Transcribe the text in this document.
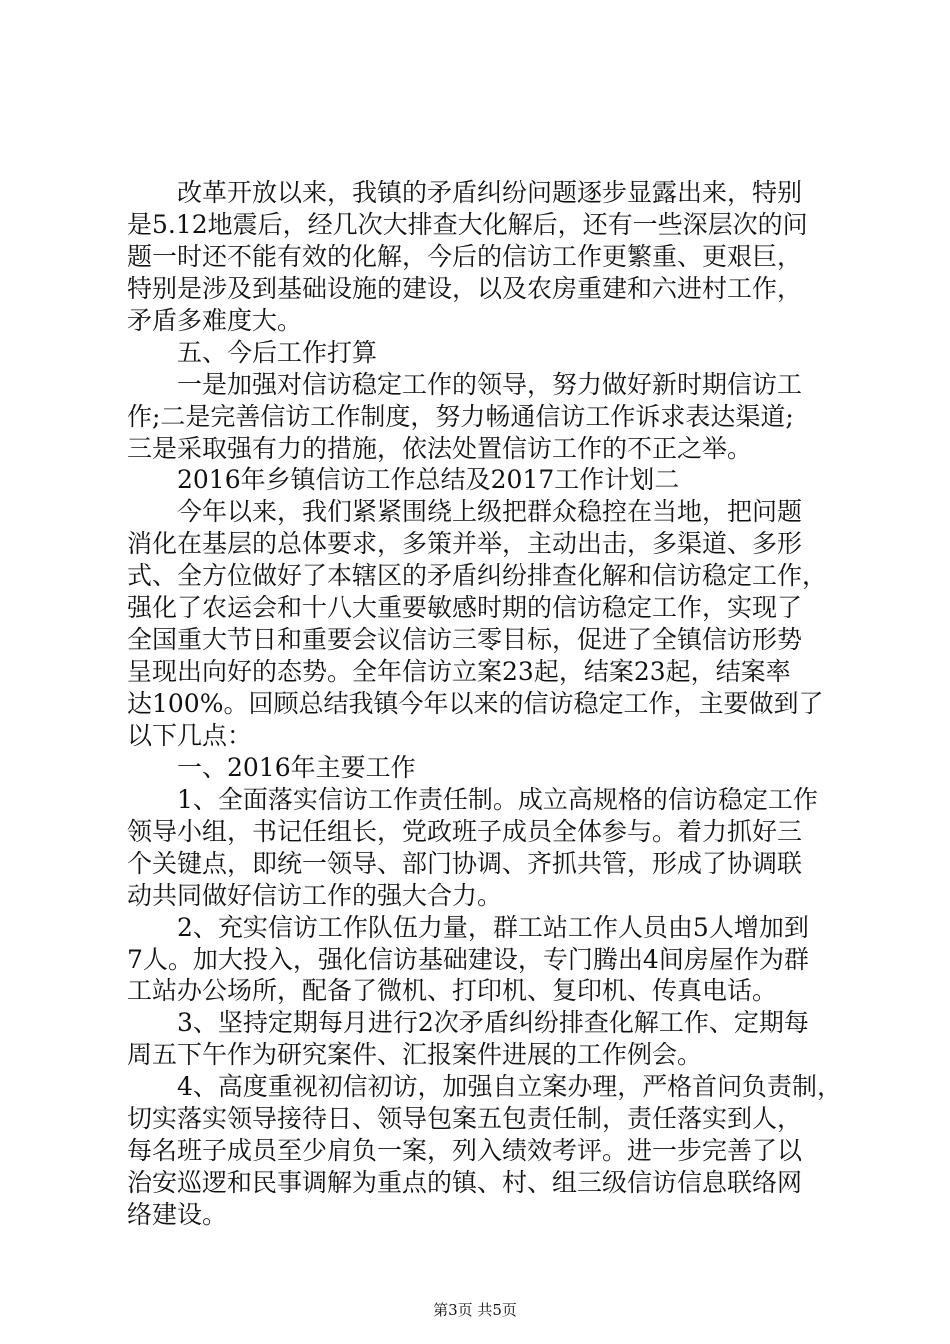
改革开放以来，我镇的矛盾纠纷问题逐步显露出来，特别
是5.12地震后，经几次大排查大化解后，还有一些深层次的问
题一时还不能有效的化解，今后的信访工作更繁重、更艰巨，
特别是涉及到基础设施的建设，以及农房重建和六进村工作，
矛盾多难度大。
五、今后工作打算
一是加强对信访稳定工作的领导，努力做好新时期信访工
作;二是完善信访工作制度，努力畅通信访工作诉求表达渠道;
三是采取强有力的措施，依法处置信访工作的不正之举。
2016年乡镇信访工作总结及2017工作计划二
今年以来，我们紧紧围绕上级把群众稳控在当地，把问题
消化在基层的总体要求，多策并举，主动出击，多渠道、多形
式、全方位做好了本辖区的矛盾纠纷排查化解和信访稳定工作，
强化了农运会和十八大重要敏感时期的信访稳定工作，实现了
全国重大节日和重要会议信访三零目标，促进了全镇信访形势
呈现出向好的态势。全年信访立案23起，结案23起，结案率
达100%。回顾总结我镇今年以来的信访稳定工作，主要做到了
以下几点：
一、2016年主要工作
1、全面落实信访工作责任制。成立高规格的信访稳定工作
领导小组，书记任组长，党政班子成员全体参与。着力抓好三
个关键点，即统一领导、部门协调、齐抓共管，形成了协调联
动共同做好信访工作的强大合力。
2、充实信访工作队伍力量，群工站工作人员由5人增加到
7人。加大投入，强化信访基础建设，专门腾出4间房屋作为群
工站办公场所，配备了微机、打印机、复印机、传真电话。
3、坚持定期每月进行2次矛盾纠纷排查化解工作、定期每
周五下午作为研究案件、汇报案件进展的工作例会。
4、高度重视初信初访，加强自立案办理，严格首问负责制，
切实落实领导接待日、领导包案五包责任制，责任落实到人，
每名班子成员至少肩负一案，列入绩效考评。进一步完善了以
治安巡逻和民事调解为重点的镇、村、组三级信访信息联络网
络建设。
第3页 共5页
